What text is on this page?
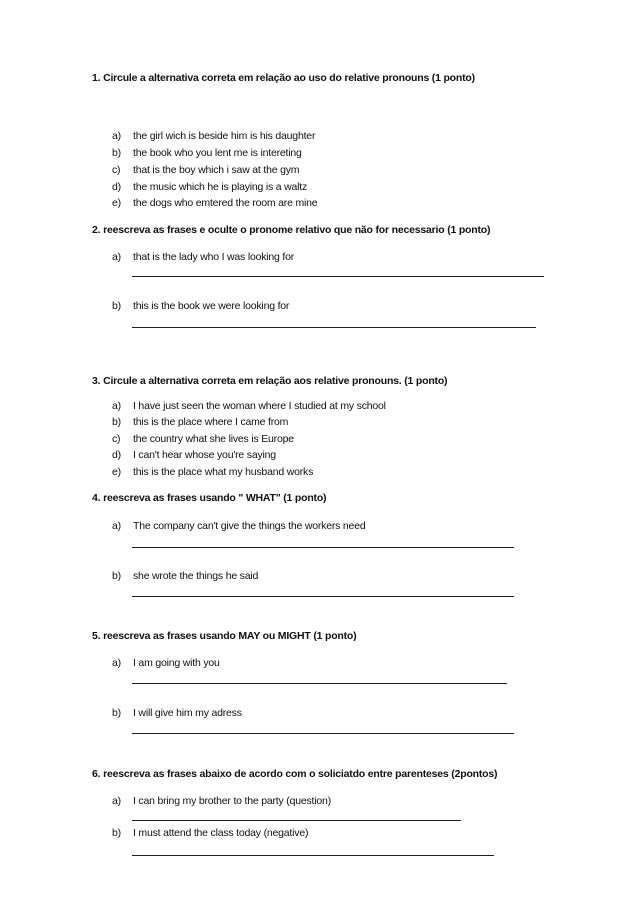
1. Circule a alternativa correta em relação ao uso do relative pronouns (1 ponto)
a) the girl wich is beside him is his daughter
b) the book who you lent me is intereting
c) that is the boy which i saw at the gym
d) the music which he is playing is a waltz
e) the dogs who emtered the room are mine
2. reescreva as frases e oculte o pronome relativo que não for necessario (1 ponto)
a) that is the lady who I was looking for
b) this is the book we were looking for
3. Circule a alternativa correta em relação aos relative pronouns. (1 ponto)
a) I have just seen the woman where I studied at my school
b) this is the place where I came from
c) the country what she lives is Europe
d) I can't hear whose you're saying
e) this is the place what my husband works
4. reescreva as frases usando " WHAT" (1 ponto)
a) The company can't give the things the workers need
b) she wrote the things he said
5. reescreva as frases usando MAY ou MIGHT (1 ponto)
a) I am going with you
b) I will give him my adress
6. reescreva as frases abaixo de acordo com o soliciatdo entre parenteses (2pontos)
a) I can bring my brother to the party (question)
b) I must attend the class today (negative)
